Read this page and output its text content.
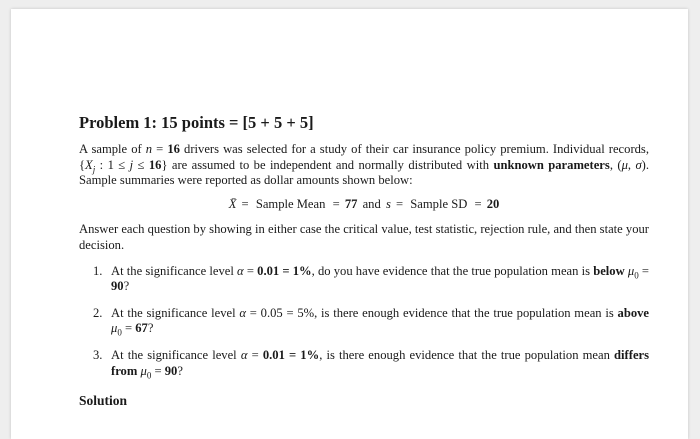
Problem 1: 15 points = [5 + 5 + 5]

A sample of n = 16 drivers was selected for a study of their car insurance policy premium. Individual records, {$X_j$ : 1 ≤ j ≤ 16} are assumed to be independent and normally distributed with unknown parameters, (μ, σ). Sample summaries were reported as dollar amounts shown below:

X̄ = Sample Mean = 77 and s = Sample SD = 20

Answer each question by showing in either case the critical value, test statistic, rejection rule, and then state your decision.

1. At the significance level α = 0.01 = 1%, do you have evidence that the true population mean is below $\mu_0 = 90$?
2. At the significance level α = 0.05 = 5%, is there enough evidence that the true population mean is above $\mu_0 = 67$?
3. At the significance level α = 0.01 = 1%, is there enough evidence that the true population mean differs from $\mu_0 = 90$?
Solution
